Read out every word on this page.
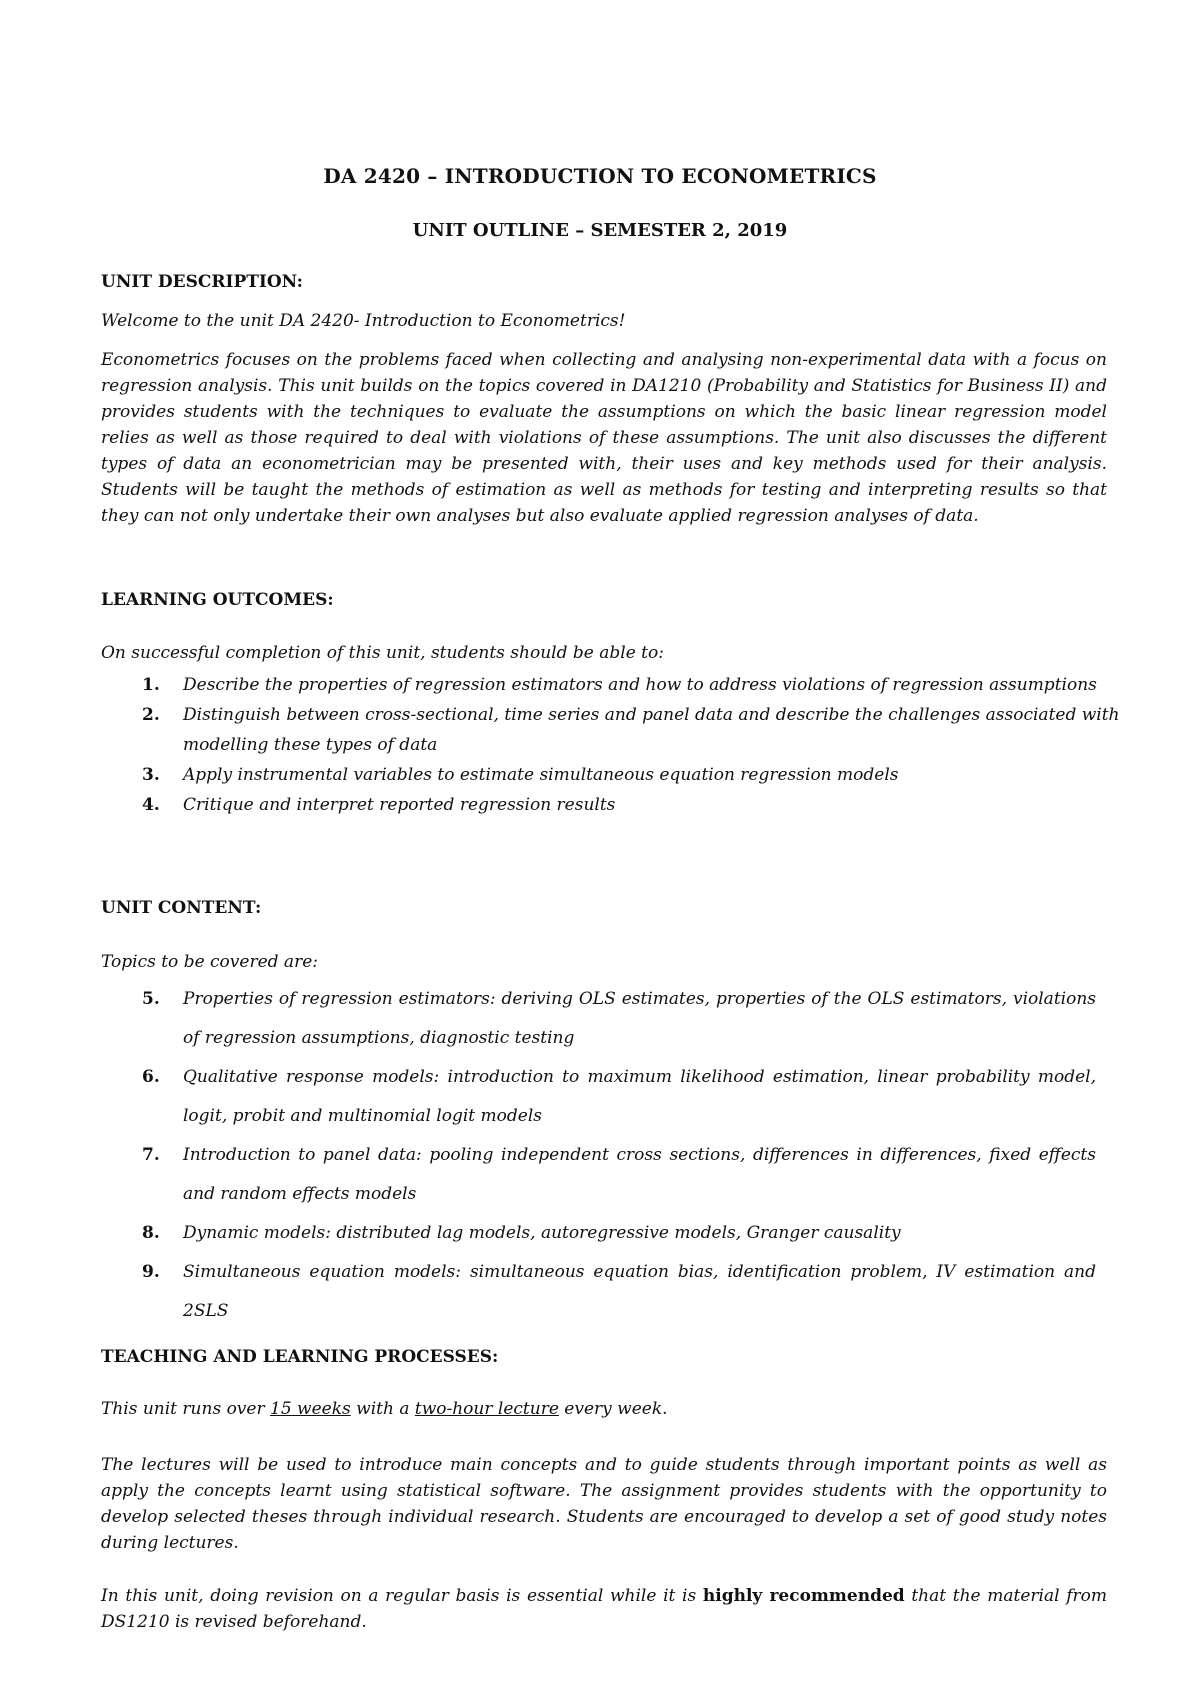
DA 2420 – INTRODUCTION TO ECONOMETRICS
UNIT OUTLINE – SEMESTER 2, 2019
UNIT DESCRIPTION:
Welcome to the unit DA 2420- Introduction to Econometrics!
Econometrics focuses on the problems faced when collecting and analysing non-experimental data with a focus on regression analysis. This unit builds on the topics covered in DA1210 (Probability and Statistics for Business II) and provides students with the techniques to evaluate the assumptions on which the basic linear regression model relies as well as those required to deal with violations of these assumptions. The unit also discusses the different types of data an econometrician may be presented with, their uses and key methods used for their analysis. Students will be taught the methods of estimation as well as methods for testing and interpreting results so that they can not only undertake their own analyses but also evaluate applied regression analyses of data.
LEARNING OUTCOMES:
On successful completion of this unit, students should be able to:
1. Describe the properties of regression estimators and how to address violations of regression assumptions
2. Distinguish between cross-sectional, time series and panel data and describe the challenges associated with modelling these types of data
3. Apply instrumental variables to estimate simultaneous equation regression models
4. Critique and interpret reported regression results
UNIT CONTENT:
Topics to be covered are:
5. Properties of regression estimators: deriving OLS estimates, properties of the OLS estimators, violations of regression assumptions, diagnostic testing
6. Qualitative response models: introduction to maximum likelihood estimation, linear probability model, logit, probit and multinomial logit models
7. Introduction to panel data: pooling independent cross sections, differences in differences, fixed effects and random effects models
8. Dynamic models: distributed lag models, autoregressive models, Granger causality
9. Simultaneous equation models: simultaneous equation bias, identification problem, IV estimation and 2SLS
TEACHING AND LEARNING PROCESSES:
This unit runs over 15 weeks with a two-hour lecture every week.
The lectures will be used to introduce main concepts and to guide students through important points as well as apply the concepts learnt using statistical software. The assignment provides students with the opportunity to develop selected theses through individual research. Students are encouraged to develop a set of good study notes during lectures.
In this unit, doing revision on a regular basis is essential while it is highly recommended that the material from DS1210 is revised beforehand.
